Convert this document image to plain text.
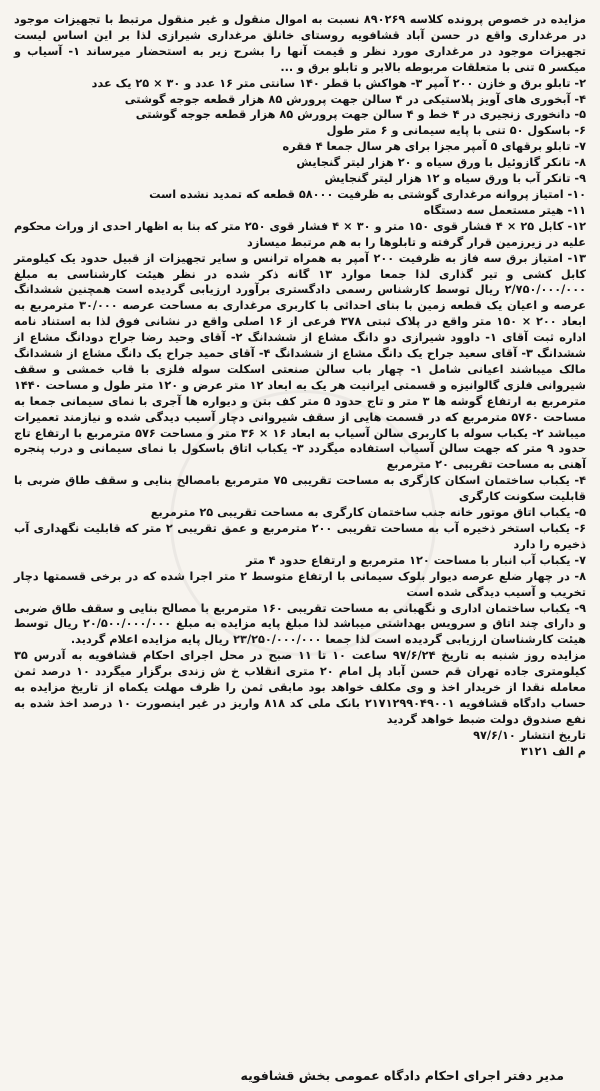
مزایده در خصوص پرونده کلاسه ۸۹۰۲۶۹ نسبت به اموال منقول و غیر منقول مرتبط با تجهیزات موجود در مرغداری واقع در حسن آباد قشافویه روستای خانلق مرغداری شیرازی لذا بر این اساس لیست تجهیزات موجود در مرغداری مورد نظر و قیمت آنها را بشرح زیر به استحضار میرساند ۱- آسیاب و میکسر ۵ تنی با متعلقات مربوطه بالابر و تابلو برق و ...

۲- تابلو برق و خازن ۲۰۰ آمپر ۳- هواکش با قطر ۱۴۰ سانتی متر ۱۶ عدد و ۳۰ × ۲۵ یک عدد

۴- آبخوری های آویز پلاستیکی در ۴ سالن جهت پرورش ۸۵ هزار قطعه جوجه گوشتی

۵- دانخوری زنجیری در ۴ خط و ۴ سالن جهت پرورش ۸۵ هزار قطعه جوجه گوشتی

۶- باسکول ۵۰ تنی با پایه سیمانی و ۶ متر طول

۷- تابلو برقهای ۵ آمپر مجزا برای هر سال جمعا ۴ فقره

۸- تانکر گازوئیل با ورق سیاه و ۲۰ هزار لیتر گنجایش

۹- تانکر آب با ورق سیاه و ۱۲ هزار لیتر گنجایش

۱۰- امتیاز پروانه مرغداری گوشتی به ظرفیت ۵۸۰۰۰ قطعه که تمدید نشده است

۱۱- هیتر مستعمل سه دستگاه

۱۲- کابل ۲۵ × ۴ فشار قوی ۱۵۰ متر و ۳۰ × ۴ فشار قوی ۲۵۰ متر که بنا به اظهار احدی از وراث محکوم علیه در زیرزمین قرار گرفته و تابلوها را به هم مرتبط میسازد

۱۳- امتیاز برق سه فاز به ظرفیت ۲۰۰ آمپر به همراه ترانس و سایر تجهیزات از قبیل حدود یک کیلومتر کابل کشی و تیر گذاری لذا جمعا موارد ۱۳ گانه ذکر شده در نظر هیئت کارشناسی به مبلغ ۲/۷۵۰/۰۰۰/۰۰۰ ریال توسط کارشناس رسمی دادگستری برآورد ارزیابی گردیده است همچنین ششدانگ عرصه و اعیان یک قطعه زمین با بنای احداثی با کاربری مرغداری به مساحت عرصه ۳۰/۰۰۰ مترمربع به ابعاد ۲۰۰ × ۱۵۰ متر واقع در پلاک ثبتی ۳۷۸ فرعی از ۱۶ اصلی واقع در نشانی فوق لذا به استناد نامه اداره ثبت آقای ۱- داوود شیرازی دو دانگ مشاع از ششدانگ ۲- آقای وحید رضا جراح دودانگ مشاع از ششدانگ ۳- آقای سعید جراح یک دانگ مشاع از ششدانگ ۴- آقای حمید جراح یک دانگ مشاع از ششدانگ مالک میباشند اعیانی شامل ۱- چهار باب سالن صنعتی اسکلت سوله فلزی با قاب خمشی و سقف شیروانی فلزی گالوانیزه و قسمتی ایرانیت هر یک به ابعاد ۱۲ متر عرض و ۱۲۰ متر طول و مساحت ۱۴۴۰ مترمربع به ارتفاع گوشه ها ۳ متر و تاج حدود ۵ متر کف بتن و دیواره ها آجری با نمای سیمانی جمعا به مساحت ۵۷۶۰ مترمربع که در قسمت هایی از سقف شیروانی دچار آسیب دیدگی شده و نیازمند تعمیرات میباشد ۲- یکباب سوله با کاربری سالن آسیاب به ابعاد ۱۶ × ۳۶ متر و مساحت ۵۷۶ مترمربع با ارتفاع تاج حدود ۹ متر که جهت سالن آسیاب استفاده میگردد ۳- یکباب اتاق باسکول با نمای سیمانی و درب پنجره آهنی به مساحت تقریبی ۲۰ مترمربع

۴- یکباب ساختمان اسکان کارگری به مساحت تقریبی ۷۵ مترمربع بامصالح بنایی و سقف طاق ضربی با قابلیت سکونت کارگری

۵- یکباب اتاق موتور خانه جنب ساختمان کارگری به مساحت تقریبی ۲۵ مترمربع

۶- یکباب استخر ذخیره آب به مساحت تقریبی ۲۰۰ مترمربع و عمق تقریبی ۲ متر که قابلیت نگهداری آب ذخیره را دارد

۷- یکباب آب انبار با مساحت ۱۲۰ مترمربع و ارتفاع حدود ۴ متر

۸- در چهار ضلع عرصه دیوار بلوک سیمانی با ارتفاع متوسط ۲ متر اجرا شده که در برخی قسمتها دچار تخریب و آسیب دیدگی شده است

۹- یکباب ساختمان اداری و نگهبانی به مساحت تقریبی ۱۶۰ مترمربع با مصالح بنایی و سقف طاق ضربی و دارای چند اتاق و سرویس بهداشتی میباشد لذا مبلغ پایه مزایده به مبلغ ۲۰/۵۰۰/۰۰۰/۰۰۰ ریال توسط هیئت کارشناسان ارزیابی گردیده است لذا جمعا ۲۳/۲۵۰/۰۰۰/۰۰۰ ریال پایه مزایده اعلام گردید.

مزایده روز شنبه به تاریخ ۹۷/۶/۲۴ ساعت ۱۰ تا ۱۱ صبح در محل اجرای احکام قشافویه به آدرس ۳۵ کیلومتری جاده تهران قم حسن آباد پل امام ۲۰ متری انقلاب خ ش زندی برگزار میگردد ۱۰ درصد ثمن معامله نقدا از خریدار اخذ و وی مکلف خواهد بود مابقی ثمن را ظرف مهلت یکماه از تاریخ مزایده به حساب دادگاه قشافویه ۲۱۷۱۲۹۹۰۴۹۰۰۱ بانک ملی کد ۸۱۸ واریز در غیر اینصورت ۱۰ درصد اخذ شده به نفع صندوق دولت ضبط خواهد گردید

تاریخ انتشار ۹۷/۶/۱۰

م الف ۳۱۲۱

مدیر دفتر اجرای احکام دادگاه عمومی بخش قشافویه
